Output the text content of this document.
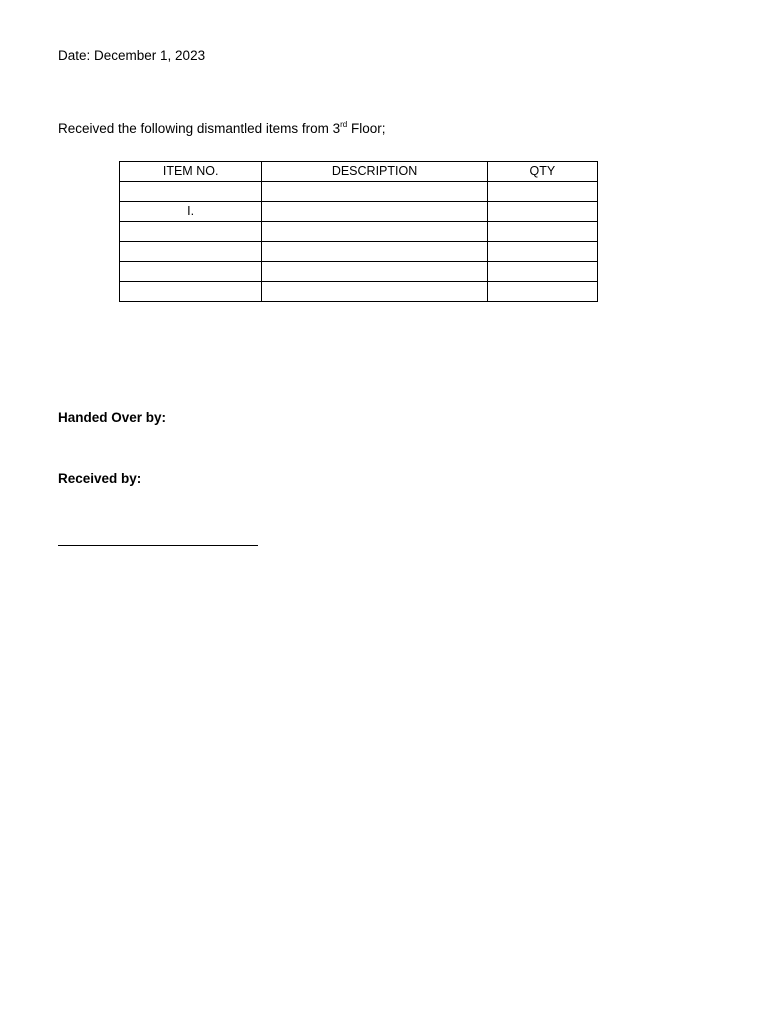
Date: December 1, 2023
Received the following dismantled items from 3rd Floor;
ITEM NO.	DESCRIPTION	QTY

I.		

Handed Over by:
Received by:
